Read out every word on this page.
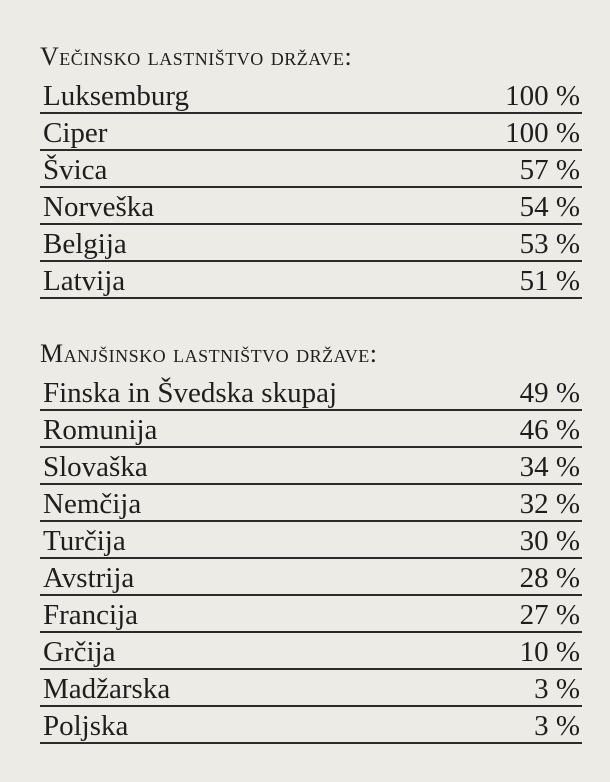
Večinsko lastništvo države:
Luksemburg	100 %
Ciper	100 %
Švica	57 %
Norveška	54 %
Belgija	53 %
Latvija	51 %
Manjšinsko lastništvo države:
Finska in Švedska skupaj	49 %
Romunija	46 %
Slovaška	34 %
Nemčija	32 %
Turčija	30 %
Avstrija	28 %
Francija	27 %
Grčija	10 %
Madžarska	3 %
Poljska	3 %
